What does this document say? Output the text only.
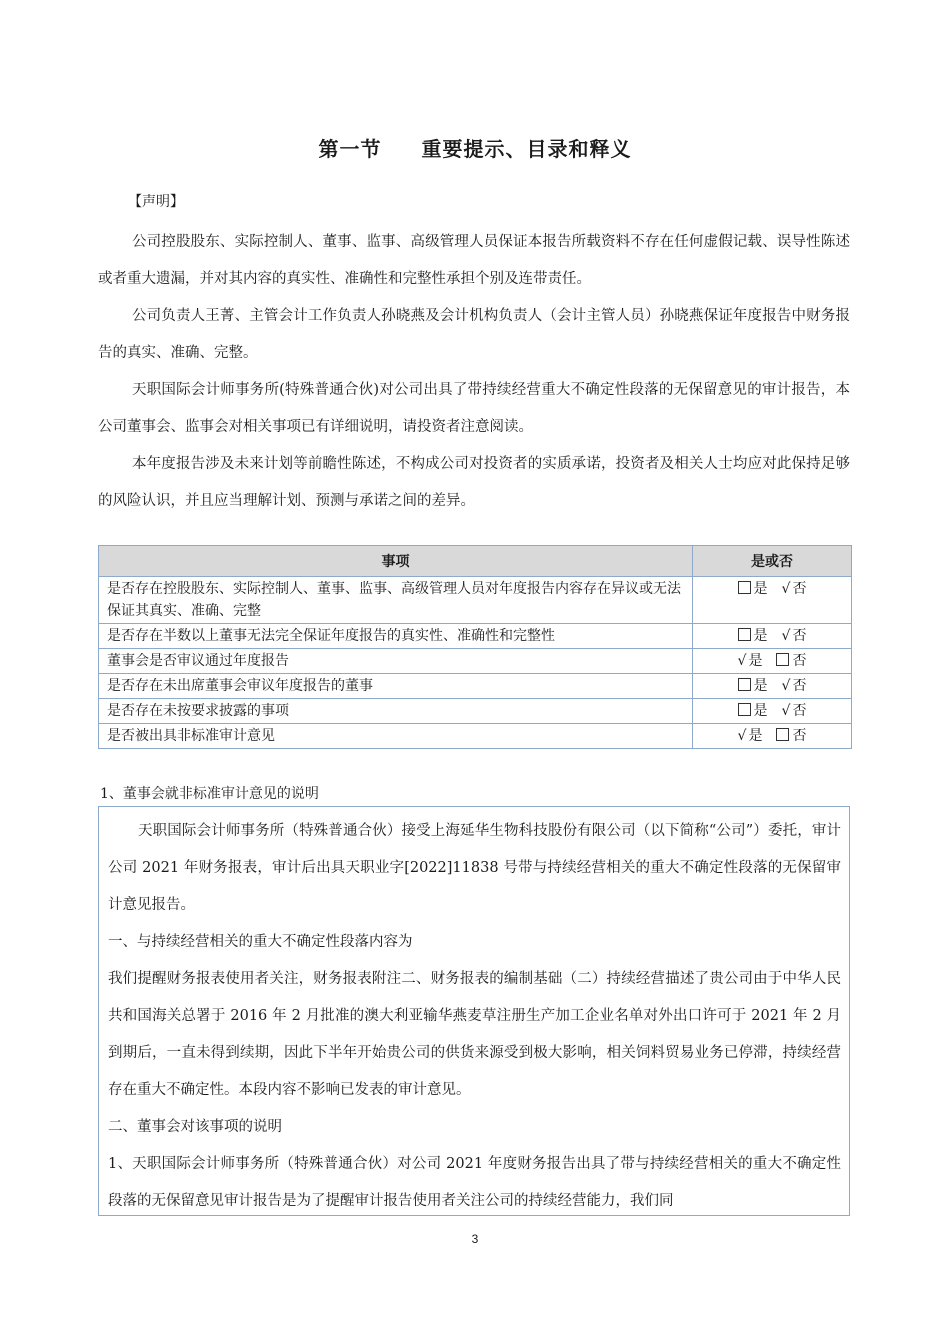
第一节 重要提示、目录和释义
【声明】
公司控股股东、实际控制人、董事、监事、高级管理人员保证本报告所载资料不存在任何虚假记载、误导性陈述或者重大遗漏，并对其内容的真实性、准确性和完整性承担个别及连带责任。
公司负责人王菁、主管会计工作负责人孙晓燕及会计机构负责人（会计主管人员）孙晓燕保证年度报告中财务报告的真实、准确、完整。
天职国际会计师事务所(特殊普通合伙)对公司出具了带持续经营重大不确定性段落的无保留意见的审计报告，本公司董事会、监事会对相关事项已有详细说明，请投资者注意阅读。
本年度报告涉及未来计划等前瞻性陈述，不构成公司对投资者的实质承诺，投资者及相关人士均应对此保持足够的风险认识，并且应当理解计划、预测与承诺之间的差异。
事项	是或否
是否存在控股股东、实际控制人、董事、监事、高级管理人员对年度报告内容存在异议或无法保证其真实、准确、完整	是 √ 否
是否存在半数以上董事无法完全保证年度报告的真实性、准确性和完整性	是 √ 否
董事会是否审议通过年度报告	√ 是 否
是否存在未出席董事会审议年度报告的董事	是 √ 否
是否存在未按要求披露的事项	是 √ 否
是否被出具非标准审计意见	√ 是 否
1、董事会就非标准审计意见的说明

天职国际会计师事务所（特殊普通合伙）接受上海延华生物科技股份有限公司（以下简称“公司”）委托，审计公司 2021 年财务报表，审计后出具天职业字[2022]11838 号带与持续经营相关的重大不确定性段落的无保留审计意见报告。

一、与持续经营相关的重大不确定性段落内容为

我们提醒财务报表使用者关注，财务报表附注二、财务报表的编制基础（二）持续经营描述了贵公司由于中华人民共和国海关总署于 2016 年 2 月批准的澳大利亚输华燕麦草注册生产加工企业名单对外出口许可于 2021 年 2 月到期后，一直未得到续期，因此下半年开始贵公司的供货来源受到极大影响，相关饲料贸易业务已停滞，持续经营存在重大不确定性。本段内容不影响已发表的审计意见。

二、董事会对该事项的说明

1、天职国际会计师事务所（特殊普通合伙）对公司 2021 年度财务报告出具了带与持续经营相关的重大不确定性段落的无保留意见审计报告是为了提醒审计报告使用者关注公司的持续经营能力，我们同

3
